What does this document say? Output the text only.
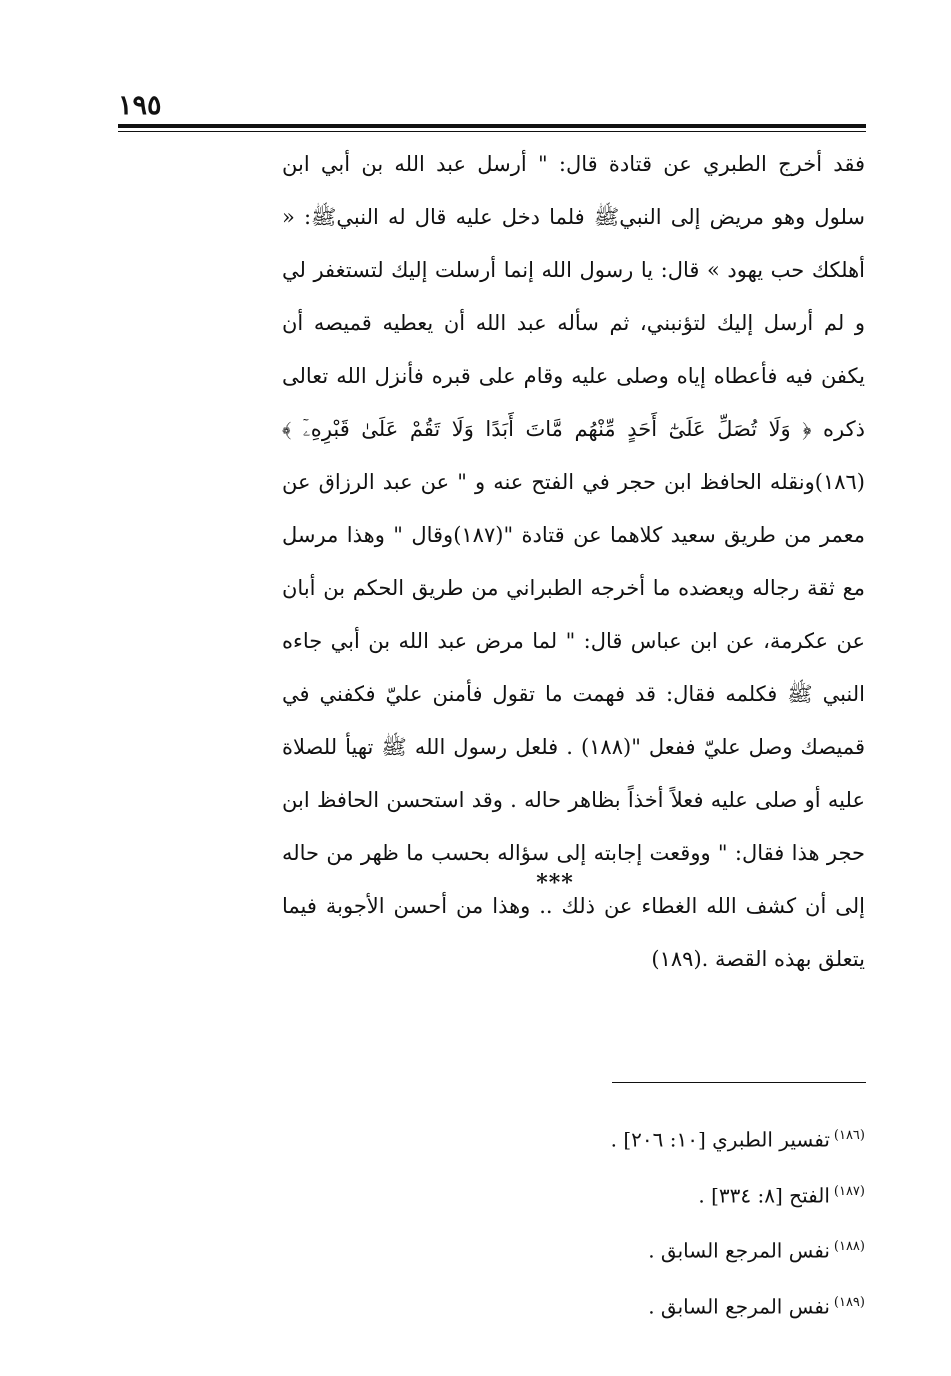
١٩٥

فقد أخرج الطبري عن قتادة قال: " أرسل عبد الله بن أبي ابن سلول وهو مريض إلى النبيﷺ فلما دخل عليه قال له النبيﷺ: « أهلكك حب يهود » قال: يا رسول الله إنما أرسلت إليك لتستغفر لي و لم أرسل إليك لتؤنبني، ثم سأله عبد الله أن يعطيه قميصه أن يكفن فيه فأعطاه إياه وصلى عليه وقام على قبره فأنزل الله تعالى ذكره ﴿ وَلَا تُصَلِّ عَلَىٰٓ أَحَدٍ مِّنْهُم مَّاتَ أَبَدًا وَلَا تَقُمْ عَلَىٰ قَبْرِهِۦٓ ﴾(١٨٦)ونقله الحافظ ابن حجر في الفتح عنه و " عن عبد الرزاق عن معمر من طريق سعيد كلاهما عن قتادة "(١٨٧)وقال " وهذا مرسل مع ثقة رجاله ويعضده ما أخرجه الطبراني من طريق الحكم بن أبان عن عكرمة، عن ابن عباس قال: " لما مرض عبد الله بن أبي جاءه النبي ﷺ فكلمه فقال: قد فهمت ما تقول فأمنن عليّ فكفني في قميصك وصل عليّ ففعل "(١٨٨) . فلعل رسول الله ﷺ تهيأ للصلاة عليه أو صلى عليه فعلاً أخذاً بظاهر حاله . وقد استحسن الحافظ ابن حجر هذا فقال: " ووقعت إجابته إلى سؤاله بحسب ما ظهر من حاله إلى أن كشف الله الغطاء عن ذلك .. وهذا من أحسن الأجوبة فيما يتعلق بهذه القصة .(١٨٩)

***
$^{(١٨٦)}$تفسير الطبري [١٠: ٢٠٦] .
$^{(١٨٧)}$الفتح [٨: ٣٣٤] .
$^{(١٨٨)}$نفس المرجع السابق .
$^{(١٨٩)}$نفس المرجع السابق .
